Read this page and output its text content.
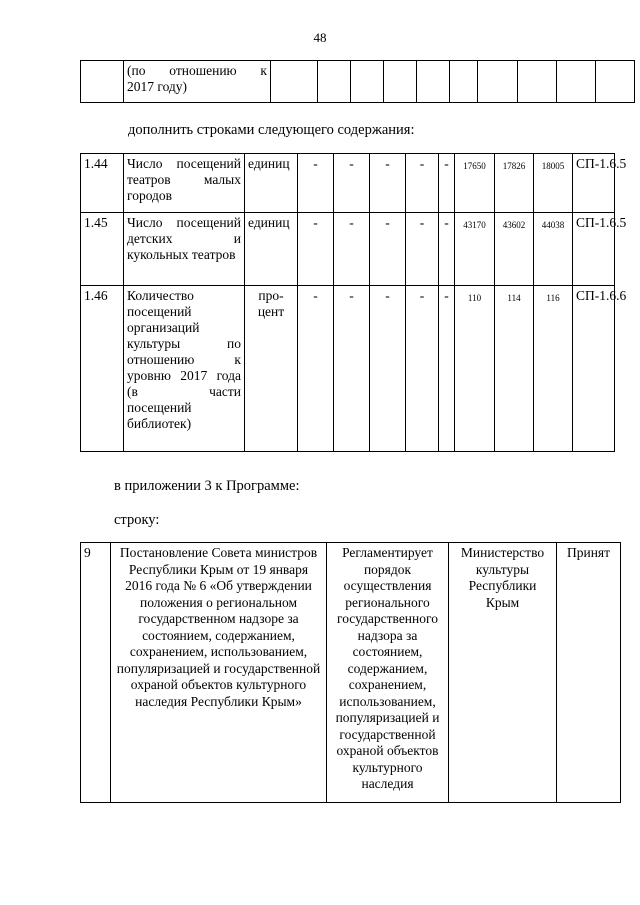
48

(по отношению к
2017 году)

дополнить строками следующего содержания:
1.44	Число посещений театров малых городов	единиц	-	-	-	-	-	17650	17826	18005	СП-1.6.5
1.45	Число посещений детских и кукольных театров	единиц	-	-	-	-	-	43170	43602	44038	СП-1.6.5
1.46	Количество посещений организаций культуры по отношению к уровню 2017 года (в части посещений библиотек)	про-цент	-	-	-	-	-	110	114	116	СП-1.6.6
в приложении 3 к Программе:
строку:
9	Постановление Совета министров Республики Крым от 19 января 2016 года № 6 «Об утверждении положения о региональном государственном надзоре за состоянием, содержанием, сохранением, использованием, популяризацией и государственной охраной объектов культурного наследия Республики Крым»	Регламентирует порядок осуществления регионального государственного надзора за состоянием, содержанием, сохранением, использованием, популяризацией и государственной охраной объектов культурного наследия	Министерство культуры Республики Крым	Принят
